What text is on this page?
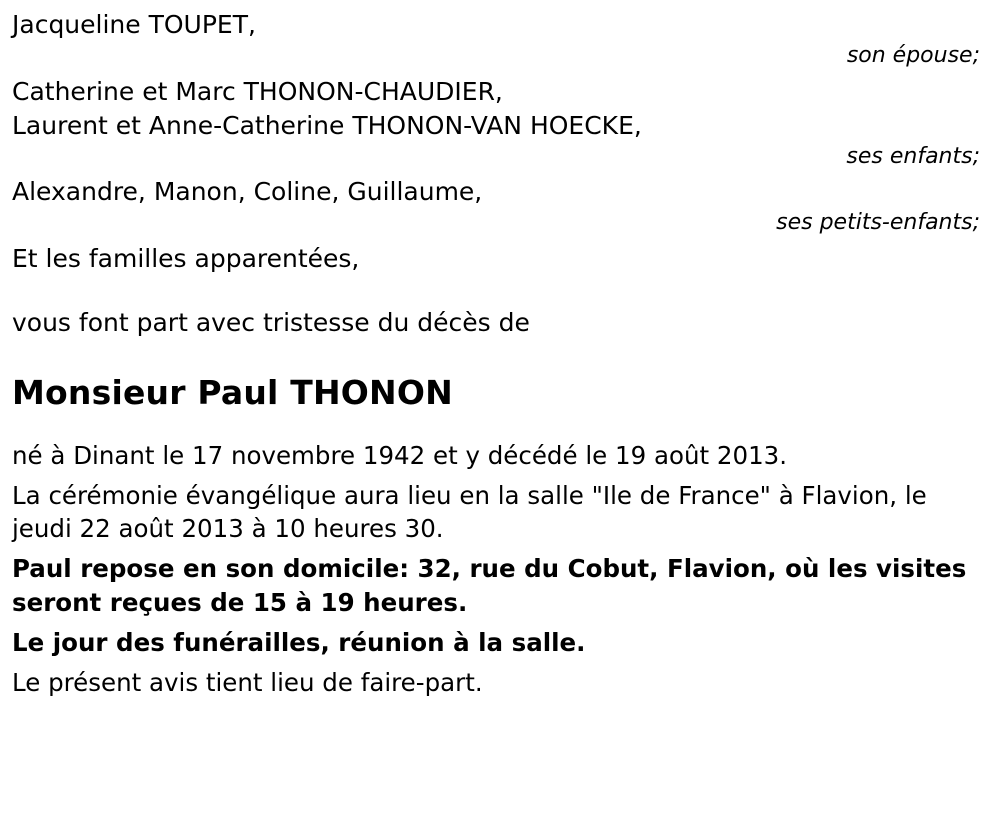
Jacqueline TOUPET,
son épouse;
Catherine et Marc THONON-CHAUDIER,
Laurent et Anne-Catherine THONON-VAN HOECKE,
ses enfants;
Alexandre, Manon, Coline, Guillaume,
ses petits-enfants;
Et les familles apparentées,
vous font part avec tristesse du décès de
Monsieur Paul THONON

né à Dinant le 17 novembre 1942 et y décédé le 19 août 2013.

La cérémonie évangélique aura lieu en la salle "Ile de France" à Flavion, le jeudi 22 août 2013 à 10 heures 30.

Paul repose en son domicile: 32, rue du Cobut, Flavion, où les visites seront reçues de 15 à 19 heures.

Le jour des funérailles, réunion à la salle.

Le présent avis tient lieu de faire-part.
